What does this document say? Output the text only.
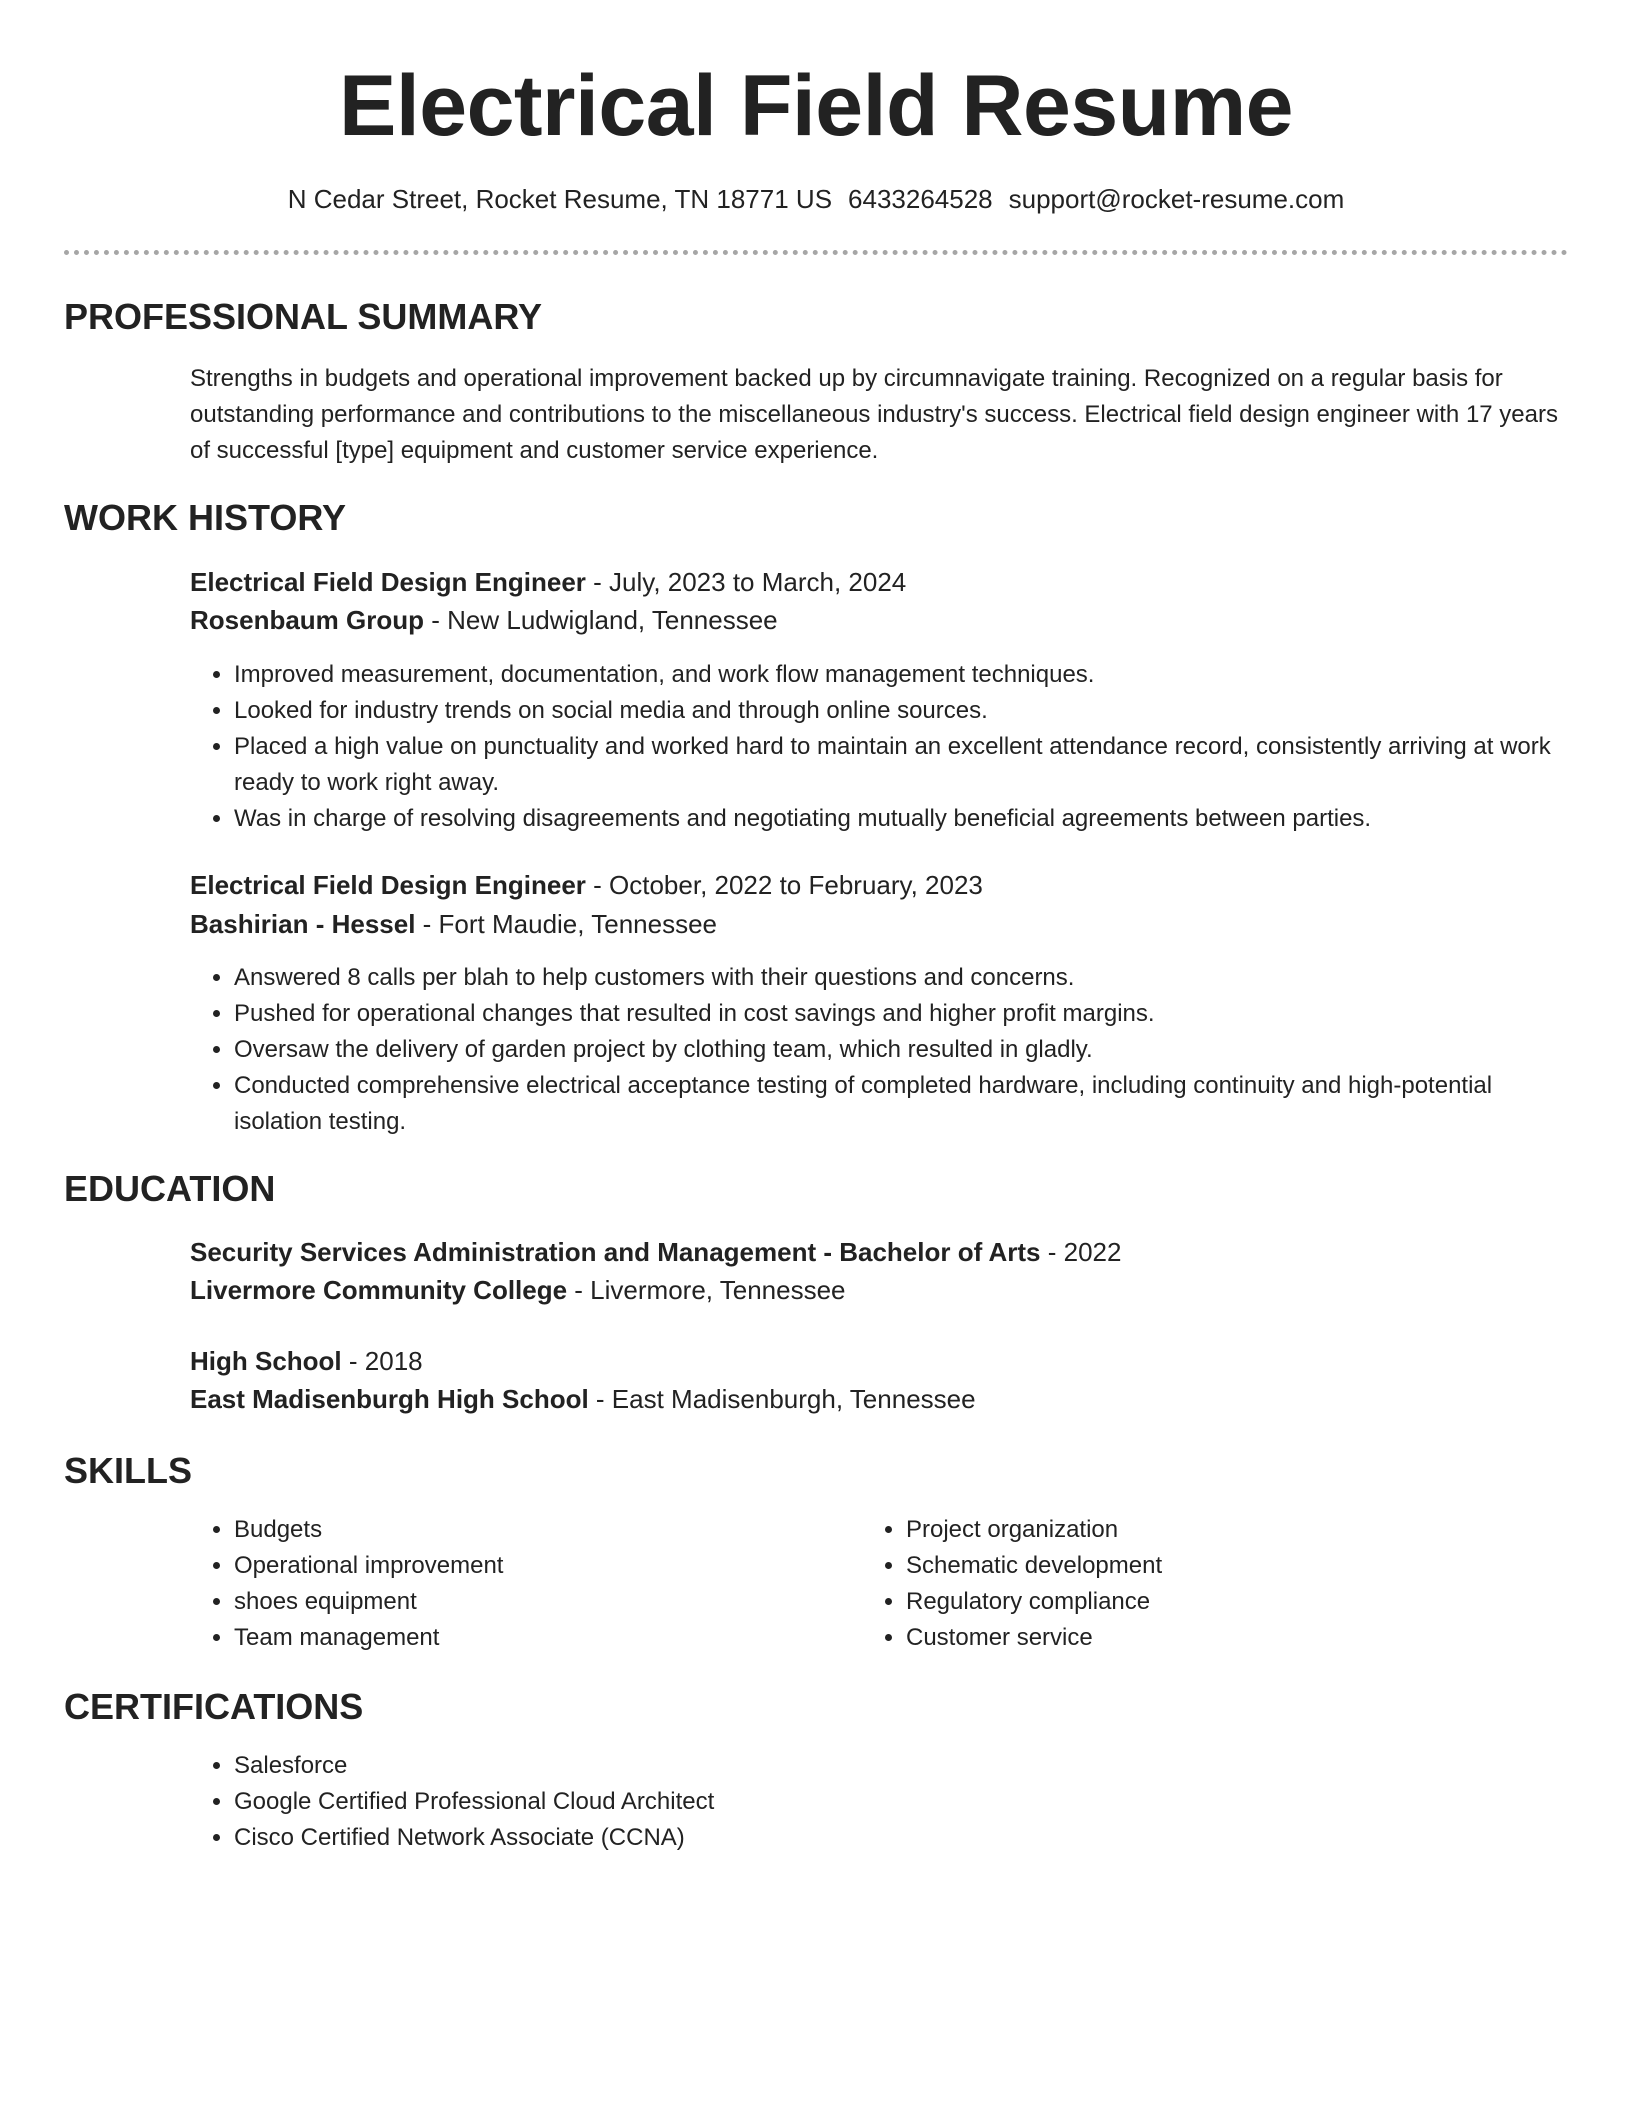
Electrical Field Resume
N Cedar Street, Rocket Resume, TN 18771 US 6433264528 support@rocket-resume.com
PROFESSIONAL SUMMARY

Strengths in budgets and operational improvement backed up by circumnavigate training. Recognized on a regular basis for outstanding performance and contributions to the miscellaneous industry's success. Electrical field design engineer with 17 years of successful [type] equipment and customer service experience.

WORK HISTORY
Electrical Field Design Engineer - July, 2023 to March, 2024
Rosenbaum Group - New Ludwigland, Tennessee
• Improved measurement, documentation, and work flow management techniques.
• Looked for industry trends on social media and through online sources.
• Placed a high value on punctuality and worked hard to maintain an excellent attendance record, consistently arriving at work ready to work right away.
• Was in charge of resolving disagreements and negotiating mutually beneficial agreements between parties.
Electrical Field Design Engineer - October, 2022 to February, 2023
Bashirian - Hessel - Fort Maudie, Tennessee
• Answered 8 calls per blah to help customers with their questions and concerns.
• Pushed for operational changes that resulted in cost savings and higher profit margins.
• Oversaw the delivery of garden project by clothing team, which resulted in gladly.
• Conducted comprehensive electrical acceptance testing of completed hardware, including continuity and high-potential isolation testing.
EDUCATION
Security Services Administration and Management - Bachelor of Arts - 2022
Livermore Community College - Livermore, Tennessee
High School - 2018
East Madisenburgh High School - East Madisenburgh, Tennessee
SKILLS
• Budgets
• Operational improvement
• shoes equipment
• Team management
• Project organization
• Schematic development
• Regulatory compliance
• Customer service
CERTIFICATIONS
• Salesforce
• Google Certified Professional Cloud Architect
• Cisco Certified Network Associate (CCNA)
